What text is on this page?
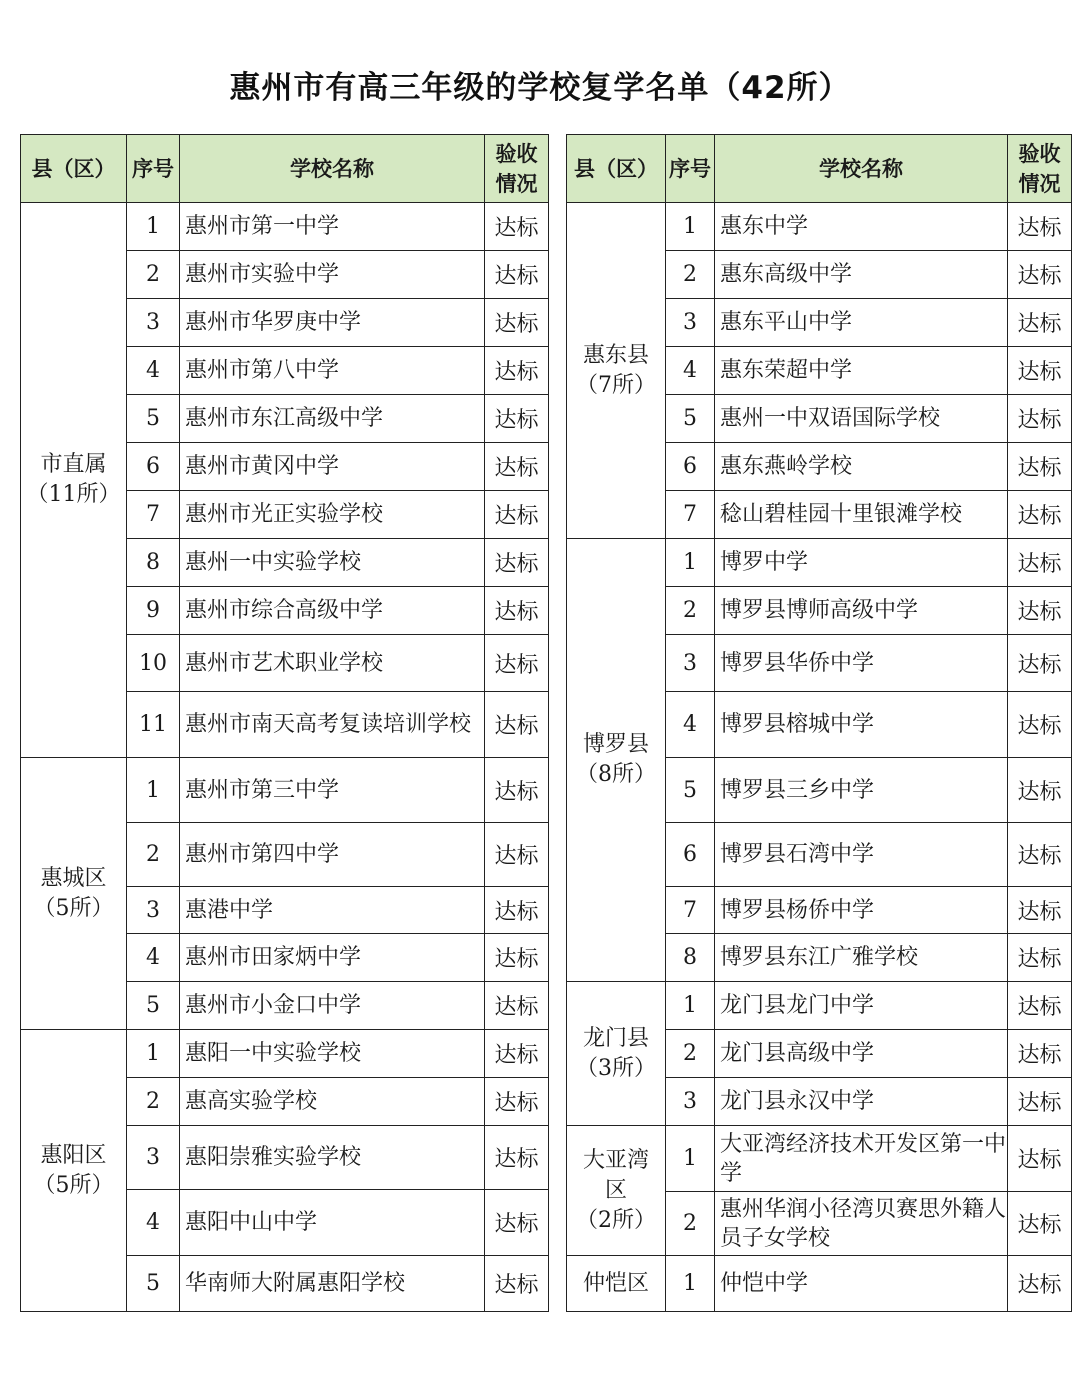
惠州市有高三年级的学校复学名单（42所）
县（区）	序号	学校名称	验收
情况

市直属
（11所）	1	惠州市第一中学	达标
	2	惠州市实验中学	达标
	3	惠州市华罗庚中学	达标
	4	惠州市第八中学	达标
	5	惠州市东江高级中学	达标
	6	惠州市黄冈中学	达标
	7	惠州市光正实验学校	达标
	8	惠州一中实验学校	达标
	9	惠州市综合高级中学	达标
	10	惠州市艺术职业学校	达标
	11	惠州市南天高考复读培训学校	达标

惠城区
（5所）	1	惠州市第三中学	达标
	2	惠州市第四中学	达标
	3	惠港中学	达标
	4	惠州市田家炳中学	达标
	5	惠州市小金口中学	达标

惠阳区
（5所）	1	惠阳一中实验学校	达标
	2	惠高实验学校	达标
	3	惠阳崇雅实验学校	达标
	4	惠阳中山中学	达标
	5	华南师大附属惠阳学校	达标
县（区）	序号	学校名称	验收
情况

惠东县
（7所）	1	惠东中学	达标
	2	惠东高级中学	达标
	3	惠东平山中学	达标
	4	惠东荣超中学	达标
	5	惠州一中双语国际学校	达标
	6	惠东燕岭学校	达标
	7	稔山碧桂园十里银滩学校	达标

博罗县
（8所）	1	博罗中学	达标
	2	博罗县博师高级中学	达标
	3	博罗县华侨中学	达标
	4	博罗县榕城中学	达标
	5	博罗县三乡中学	达标
	6	博罗县石湾中学	达标
	7	博罗县杨侨中学	达标
	8	博罗县东江广雅学校	达标

龙门县
（3所）	1	龙门县龙门中学	达标
	2	龙门县高级中学	达标
	3	龙门县永汉中学	达标

大亚湾区
（2所）	1	大亚湾经济技术开发区第一中学	达标
	2	惠州华润小径湾贝赛思外籍人员子女学校	达标

仲恺区	1	仲恺中学	达标
